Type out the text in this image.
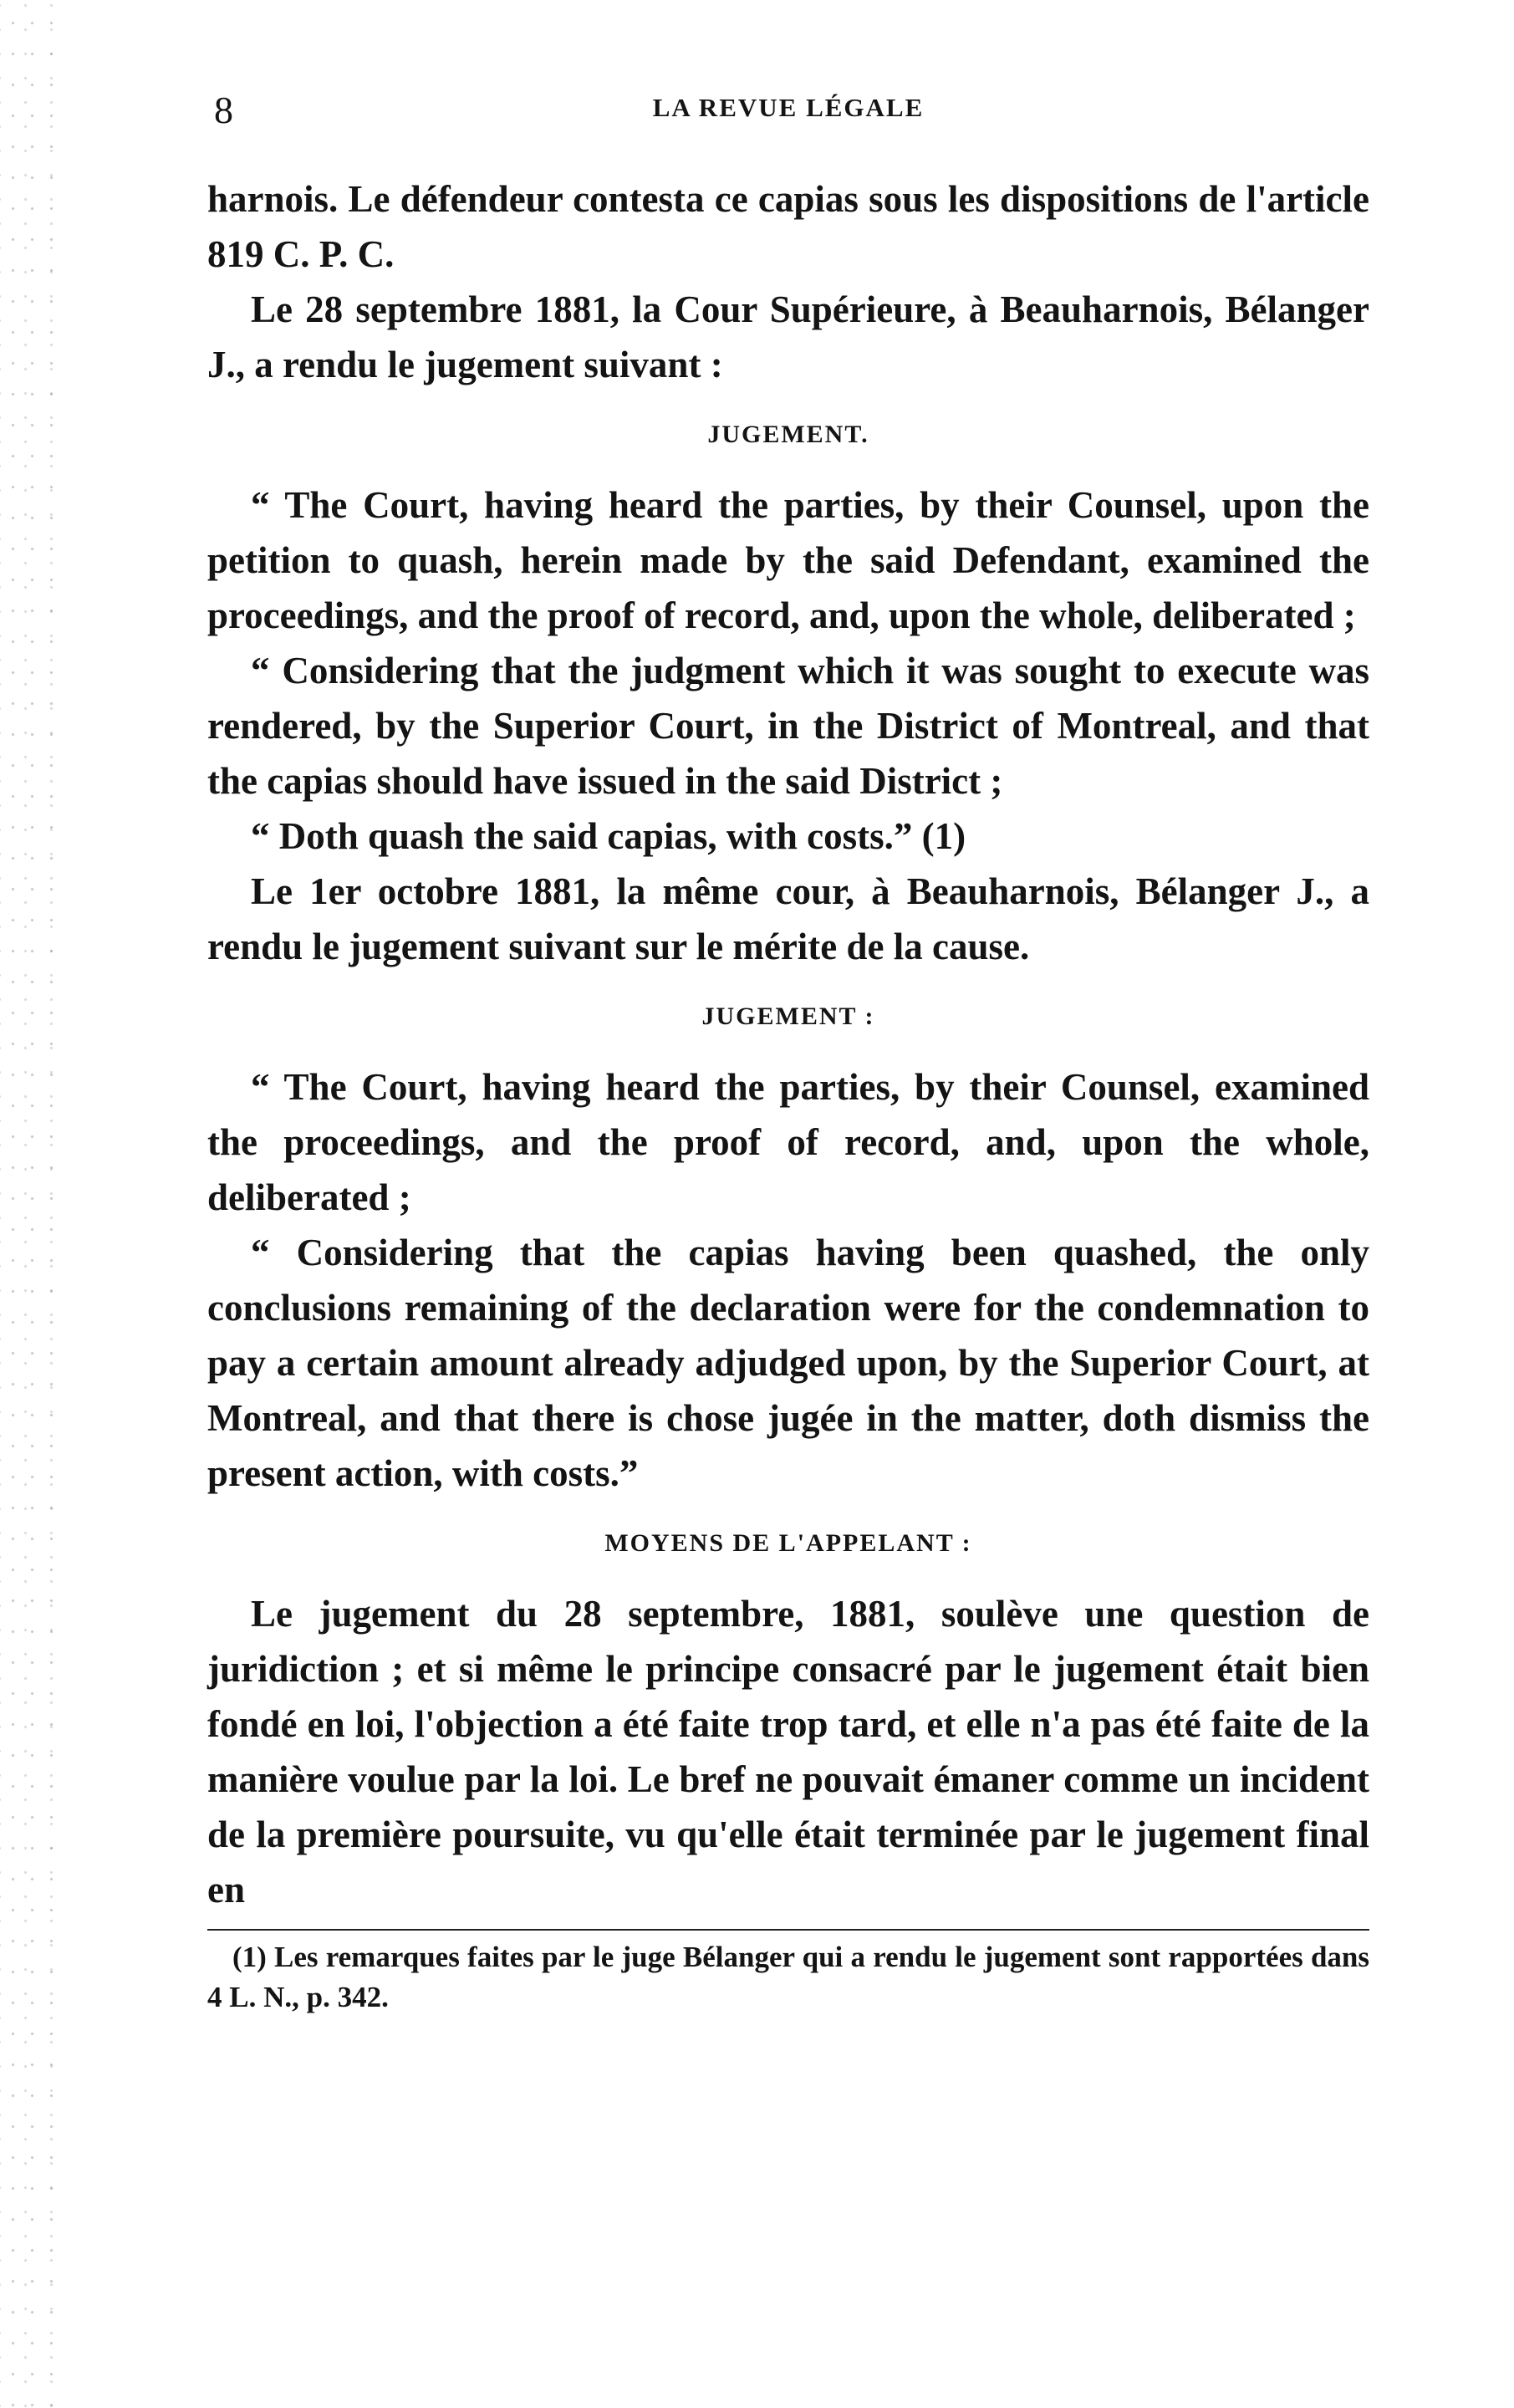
8	LA REVUE LÉGALE

harnois. Le défendeur contesta ce capias sous les dispositions de l'article 819 C. P. C.

Le 28 septembre 1881, la Cour Supérieure, à Beauharnois, Bélanger J., a rendu le jugement suivant :

JUGEMENT.

“ The Court, having heard the parties, by their Counsel, upon the petition to quash, herein made by the said Defendant, examined the proceedings, and the proof of record, and, upon the whole, deliberated ;

“ Considering that the judgment which it was sought to execute was rendered, by the Superior Court, in the District of Montreal, and that the capias should have issued in the said District ;

“ Doth quash the said capias, with costs.” (1)

Le 1er octobre 1881, la même cour, à Beauharnois, Bélanger J., a rendu le jugement suivant sur le mérite de la cause.

JUGEMENT :

“ The Court, having heard the parties, by their Counsel, examined the proceedings, and the proof of record, and, upon the whole, deliberated ;

“ Considering that the capias having been quashed, the only conclusions remaining of the declaration were for the condemnation to pay a certain amount already adjudged upon, by the Superior Court, at Montreal, and that there is chose jugée in the matter, doth dismiss the present action, with costs.”

MOYENS DE L'APPELANT :

Le jugement du 28 septembre, 1881, soulève une question de juridiction ; et si même le principe consacré par le jugement était bien fondé en loi, l'objection a été faite trop tard, et elle n'a pas été faite de la manière voulue par la loi. Le bref ne pouvait émaner comme un incident de la première poursuite, vu qu'elle était terminée par le jugement final en

(1) Les remarques faites par le juge Bélanger qui a rendu le jugement sont rapportées dans 4 L. N., p. 342.
